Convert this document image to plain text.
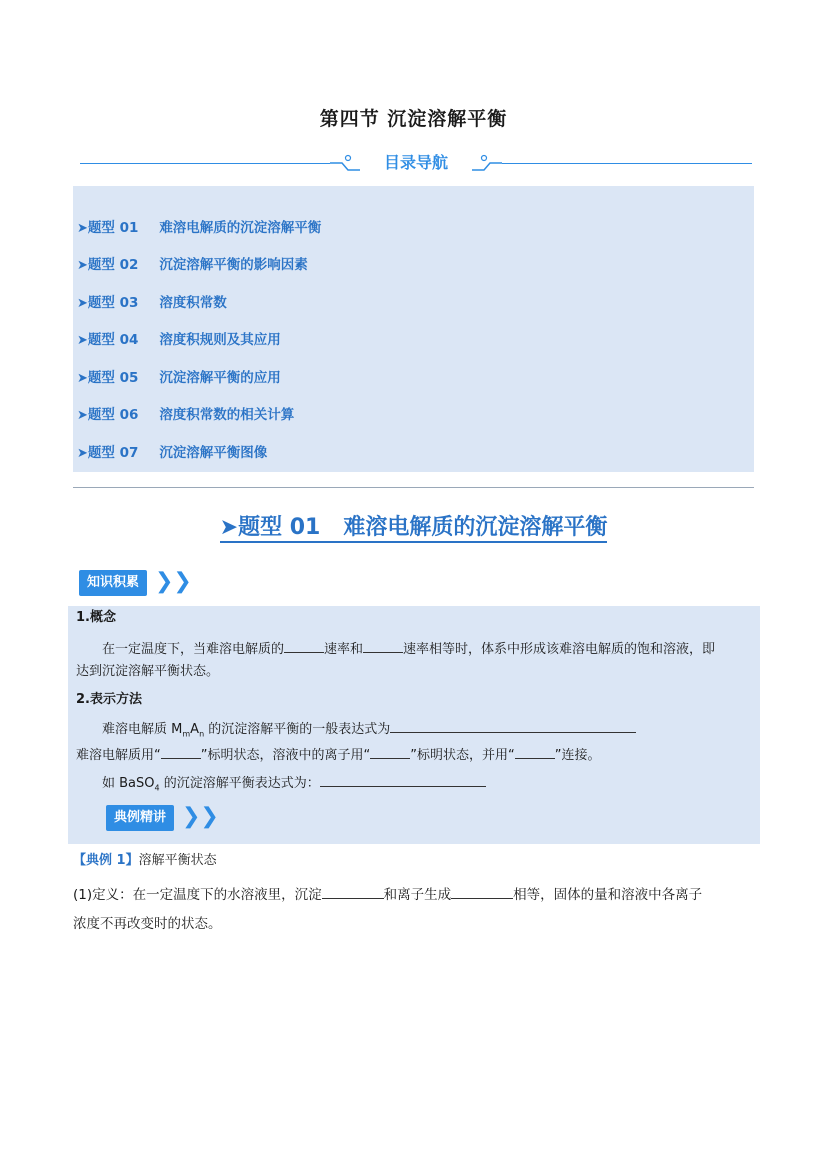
第四节 沉淀溶解平衡
目录导航
➤题型 01 难溶电解质的沉淀溶解平衡
➤题型 02 沉淀溶解平衡的影响因素
➤题型 03 溶度积常数
➤题型 04 溶度积规则及其应用
➤题型 05 沉淀溶解平衡的应用
➤题型 06 溶度积常数的相关计算
➤题型 07 沉淀溶解平衡图像
➤题型 01 难溶电解质的沉淀溶解平衡
知识积累 ❯❯
1.概念
在一定温度下，当难溶电解质的	速率和	速率相等时，体系中形成该难溶电解质的饱和溶液，即
达到沉淀溶解平衡状态。
2.表示方法
难溶电解质 $M_mA_n$ 的沉淀溶解平衡的一般表达式为
难溶电解质用“	”标明状态，溶液中的离子用“	”标明状态，并用“	”连接。
如 BaSO$_4$ 的沉淀溶解平衡表达式为：
典例精讲 ❯❯
【典例 1】溶解平衡状态
(1)定义：在一定温度下的水溶液里，沉淀	和离子生成	相等，固体的量和溶液中各离子
浓度不再改变时的状态。
